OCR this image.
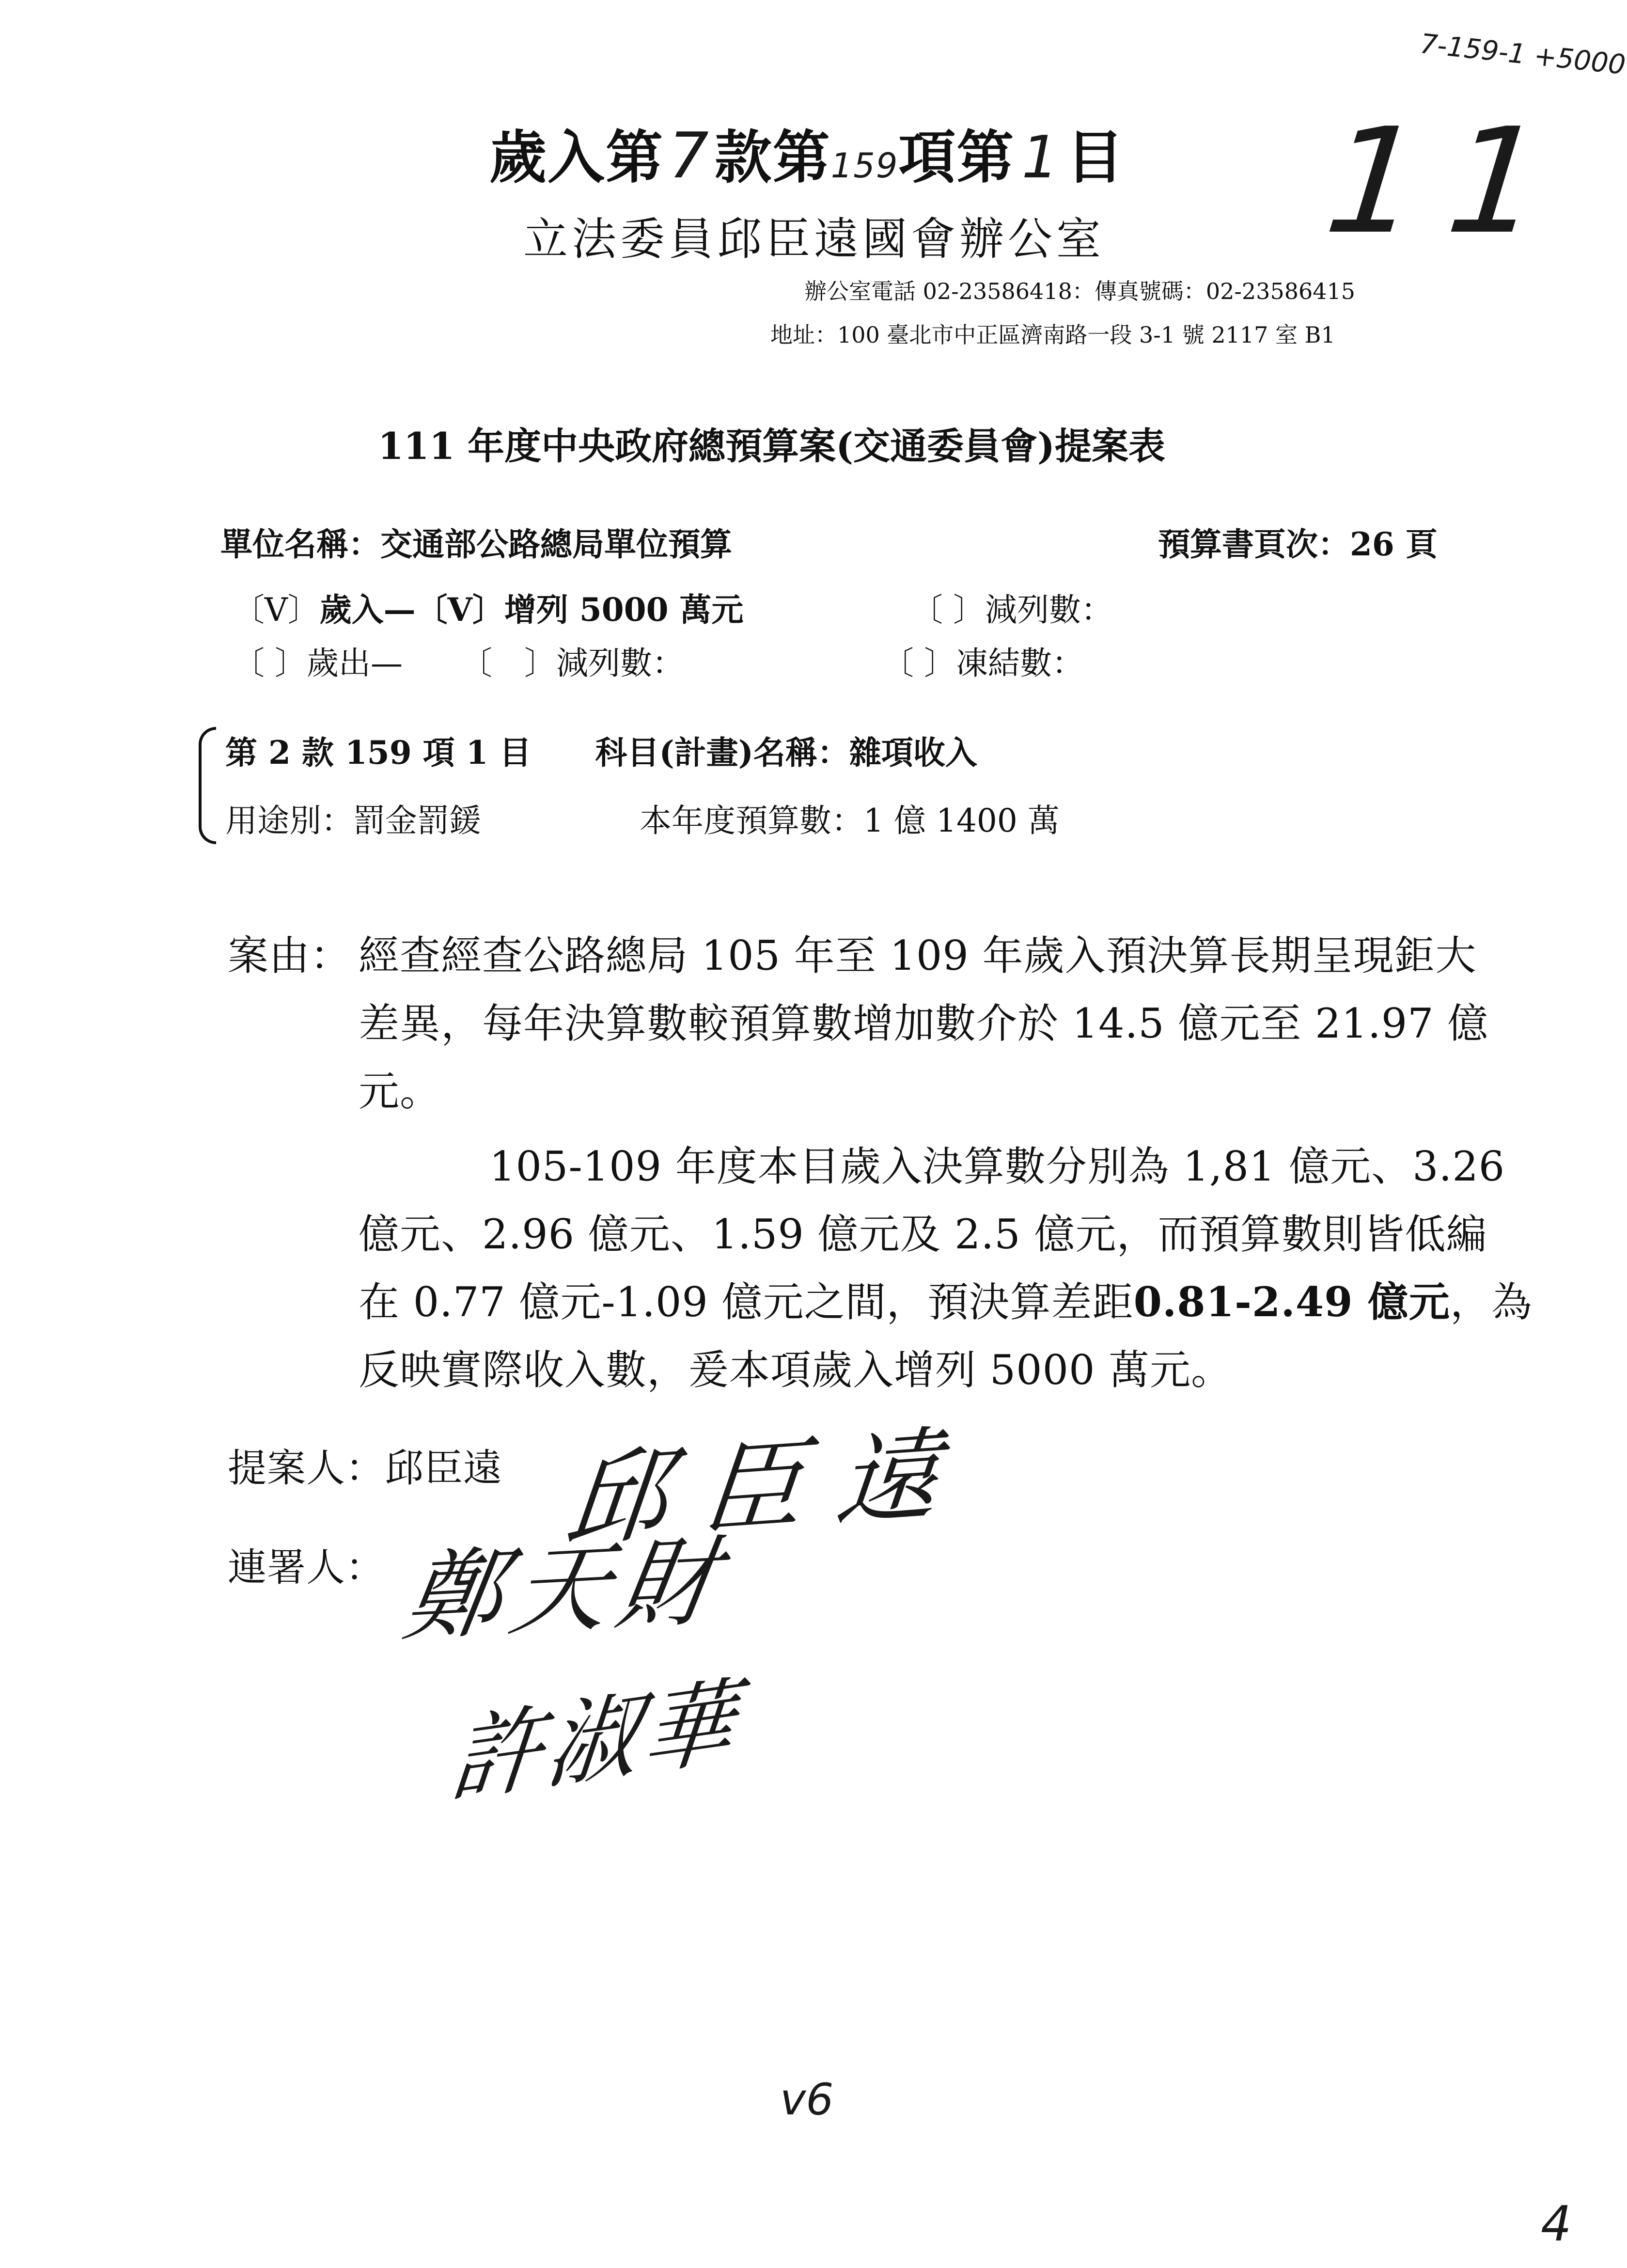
7-159-1 +5000
11
歲入第7款第159項第 1 目
立法委員邱臣遠國會辦公室
辦公室電話 02-23586418：傳真號碼：02-23586415
地址：100 臺北市中正區濟南路一段 3-1 號 2117 室 B1
111 年度中央政府總預算案(交通委員會)提案表
單位名稱：交通部公路總局單位預算	預算書頁次：26 頁
〔V〕歲入—〔V〕增列 5000 萬元	〔 〕減列數：
〔 〕歲出— 〔　〕減列數：	〔 〕凍結數：
第 2 款 159 項 1 目　　科目(計畫)名稱：雜項收入
用途別：罰金罰鍰	本年度預算數：1 億 1400 萬
案由： 經查經查公路總局 105 年至 109 年歲入預決算長期呈現鉅大
差異，每年決算數較預算數增加數介於 14.5 億元至 21.97 億
元。
105-109 年度本目歲入決算數分別為 1,81 億元、3.26
億元、2.96 億元、1.59 億元及 2.5 億元，而預算數則皆低編
在 0.77 億元-1.09 億元之間，預決算差距0.81-2.49 億元，為
反映實際收入數，爰本項歲入增列 5000 萬元。
提案人：邱臣遠 邱臣遠
連署人： 鄭天財
許淑華
v6
4
